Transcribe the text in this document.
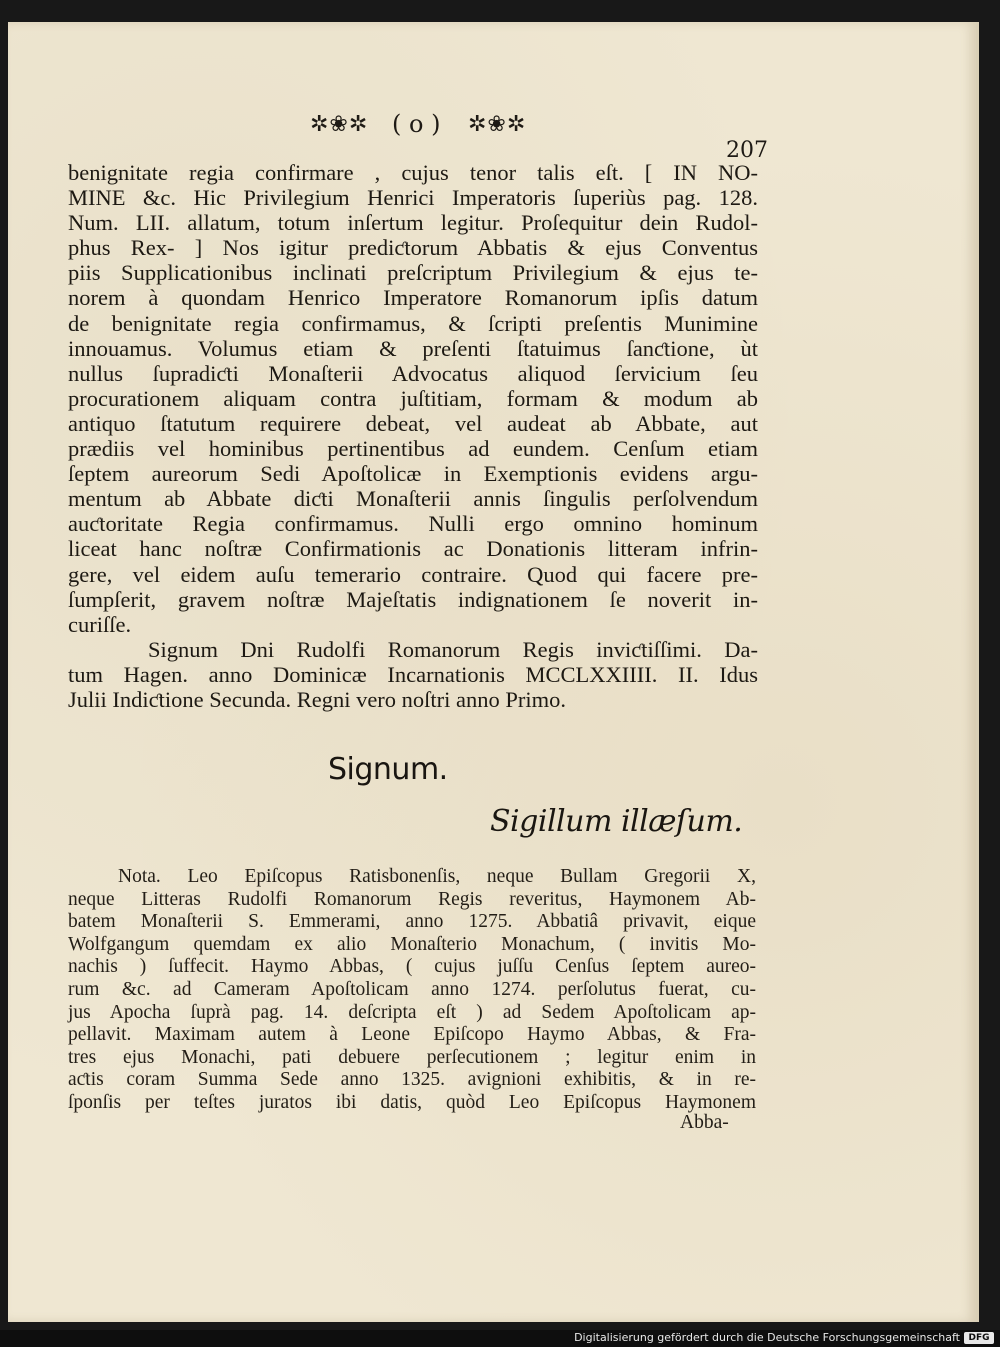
✲❀✲ ( o ) ✲❀✲
207
benignitate regia confirmare , cujus tenor talis eſt. [ IN NO-
MINE &c. Hic Privilegium Henrici Imperatoris ſuperiùs pag. 128.
Num. LII. allatum, totum inſertum legitur. Proſequitur dein Rudol-
phus Rex- ] Nos igitur prediƈtorum Abbatis & ejus Conventus
piis Supplicationibus inclinati preſcriptum Privilegium & ejus te-
norem à quondam Henrico Imperatore Romanorum ipſis datum
de benignitate regia confirmamus, & ſcripti preſentis Munimine
innouamus. Volumus etiam & preſenti ſtatuimus ſanƈtione, ùt
nullus ſupradiƈti Monaſterii Advocatus aliquod ſervicium ſeu
procurationem aliquam contra juſtitiam, formam & modum ab
antiquo ſtatutum requirere debeat, vel audeat ab Abbate, aut
prædiis vel hominibus pertinentibus ad eundem. Cenſum etiam
ſeptem aureorum Sedi Apoſtolicæ in Exemptionis evidens argu-
mentum ab Abbate diƈti Monaſterii annis ſingulis perſolvendum
auƈtoritate Regia confirmamus. Nulli ergo omnino hominum
liceat hanc noſtræ Confirmationis ac Donationis litteram infrin-
gere, vel eidem auſu temerario contraire. Quod qui facere pre-
ſumpſerit, gravem noſtræ Majeſtatis indignationem ſe noverit in-
curiſſe.
Signum Dni Rudolfi Romanorum Regis inviƈtiſſimi. Da-
tum Hagen. anno Dominicæ Incarnationis MCCLXXIIII. II. Idus
Julii Indiƈtione Secunda. Regni vero noſtri anno Primo.
Signum.
Sigillum illæſum.
Nota. Leo Epiſcopus Ratisbonenſis, neque Bullam Gregorii X,
neque Litteras Rudolfi Romanorum Regis reveritus, Haymonem Ab-
batem Monaſterii S. Emmerami, anno 1275. Abbatiâ privavit, eique
Wolfgangum quemdam ex alio Monaſterio Monachum, ( invitis Mo-
nachis ) ſuffecit. Haymo Abbas, ( cujus juſſu Cenſus ſeptem aureo-
rum &c. ad Cameram Apoſtolicam anno 1274. perſolutus fuerat, cu-
jus Apocha ſuprà pag. 14. deſcripta eſt ) ad Sedem Apoſtolicam ap-
pellavit. Maximam autem à Leone Epiſcopo Haymo Abbas, & Fra-
tres ejus Monachi, pati debuere perſecutionem ; legitur enim in
aƈtis coram Summa Sede anno 1325. avignioni exhibitis, & in re-
ſponſis per teſtes juratos ibi datis, quòd Leo Epiſcopus Haymonem
Abba-
Digitalisierung gefördert durch die Deutsche Forschungsgemeinschaft DFG
